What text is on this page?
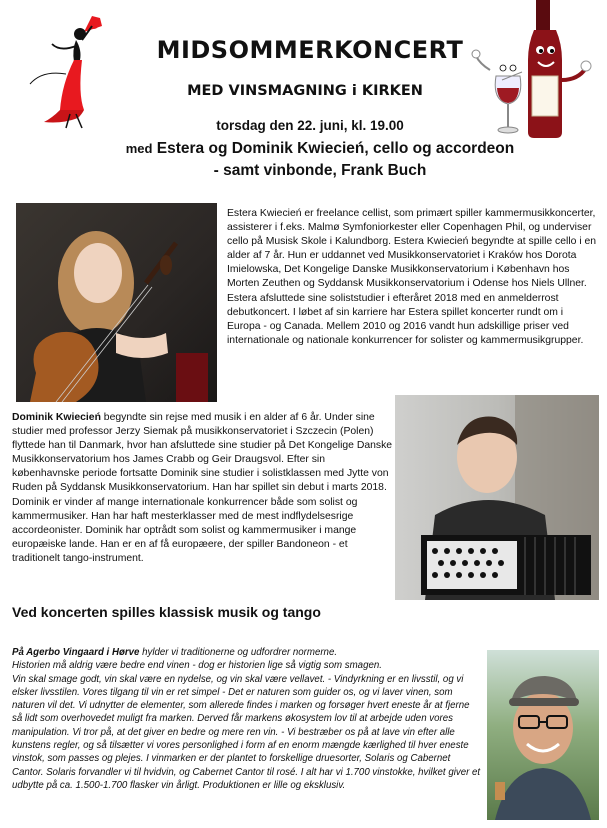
MIDSOMMERKONCERT
MED VINSMAGNING i KIRKEN
torsdag den 22. juni, kl. 19.00
med Estera og Dominik Kwiecień, cello og accordeon
- samt vinbonde, Frank Buch
Estera Kwiecień er freelance cellist, som primært spiller kammermusikkoncerter, assisterer i f.eks. Malmø Symfoniorkester eller Copenhagen Phil, og underviser cello på Musisk Skole i Kalundborg. Estera Kwiecień begyndte at spille cello i en alder af 7 år. Hun er uddannet ved Musikkonservatoriet i Kraków hos Dorota Imielowska, Det Kongelige Danske Musikkonservatorium i København hos Morten Zeuthen og Syddansk Musikkonservatorium i Odense hos Niels Ullner. Estera afsluttede sine soliststudier i efteråret 2018 med en anmelderrost debutkoncert. I løbet af sin karriere har Estera spillet koncerter rundt om i Europa - og Canada. Mellem 2010 og 2016 vandt hun adskillige priser ved internationale og nationale konkurrencer for solister og kammermusikgrupper.
Dominik Kwiecień begyndte sin rejse med musik i en alder af 6 år. Under sine studier med professor Jerzy Siemak på musikkonservatoriet i Szczecin (Polen) flyttede han til Danmark, hvor han afsluttede sine studier på Det Kongelige Danske Musikkonservatorium hos James Crabb og Geir Draugsvol. Efter sin københavnske periode fortsatte Dominik sine studier i solistklassen med Jytte von Ruden på Syddansk Musikkonservatorium. Han har spillet sin debut i marts 2018. Dominik er vinder af mange internationale konkurrencer både som solist og kammermusiker. Han har haft mesterklasser med de mest indflydelsesrige accordeonister. Dominik har optrådt som solist og kammermusiker i mange europæiske lande. Han er en af få europæere, der spiller Bandoneon - et traditionelt tango-instrument.
Ved koncerten spilles klassisk musik og tango
På Agerbo Vingaard i Hørve hylder vi traditionerne og udfordrer normerne.
Historien må aldrig være bedre end vinen - dog er historien lige så vigtig som smagen.
Vin skal smage godt, vin skal være en nydelse, og vin skal være vellavet. - Vindyrkning er en livsstil, og vi elsker livsstilen. Vores tilgang til vin er ret simpel - Det er naturen som guider os, og vi laver vinen, som naturen vil det. Vi udnytter de elementer, som allerede findes i marken og forsøger hvert eneste år at fjerne så lidt som overhovedet muligt fra marken. Derved får markens økosystem lov til at arbejde uden vores manipulation. Vi tror på, at det giver en bedre og mere ren vin. - Vi bestræber os på at lave vin efter alle kunstens regler, og så tilsætter vi vores personlighed i form af en enorm mængde kærlighed til hver eneste vinstok, som passes og plejes. I vinmarken er der plantet to forskellige druesorter, Solaris og Cabernet Cantor. Solaris forvandler vi til hvidvin, og Cabernet Cantor til rosé. I alt har vi 1.700 vinstokke, hvilket giver et udbytte på ca. 1.500-1.700 flasker vin årligt. Produktionen er lille og eksklusiv.
